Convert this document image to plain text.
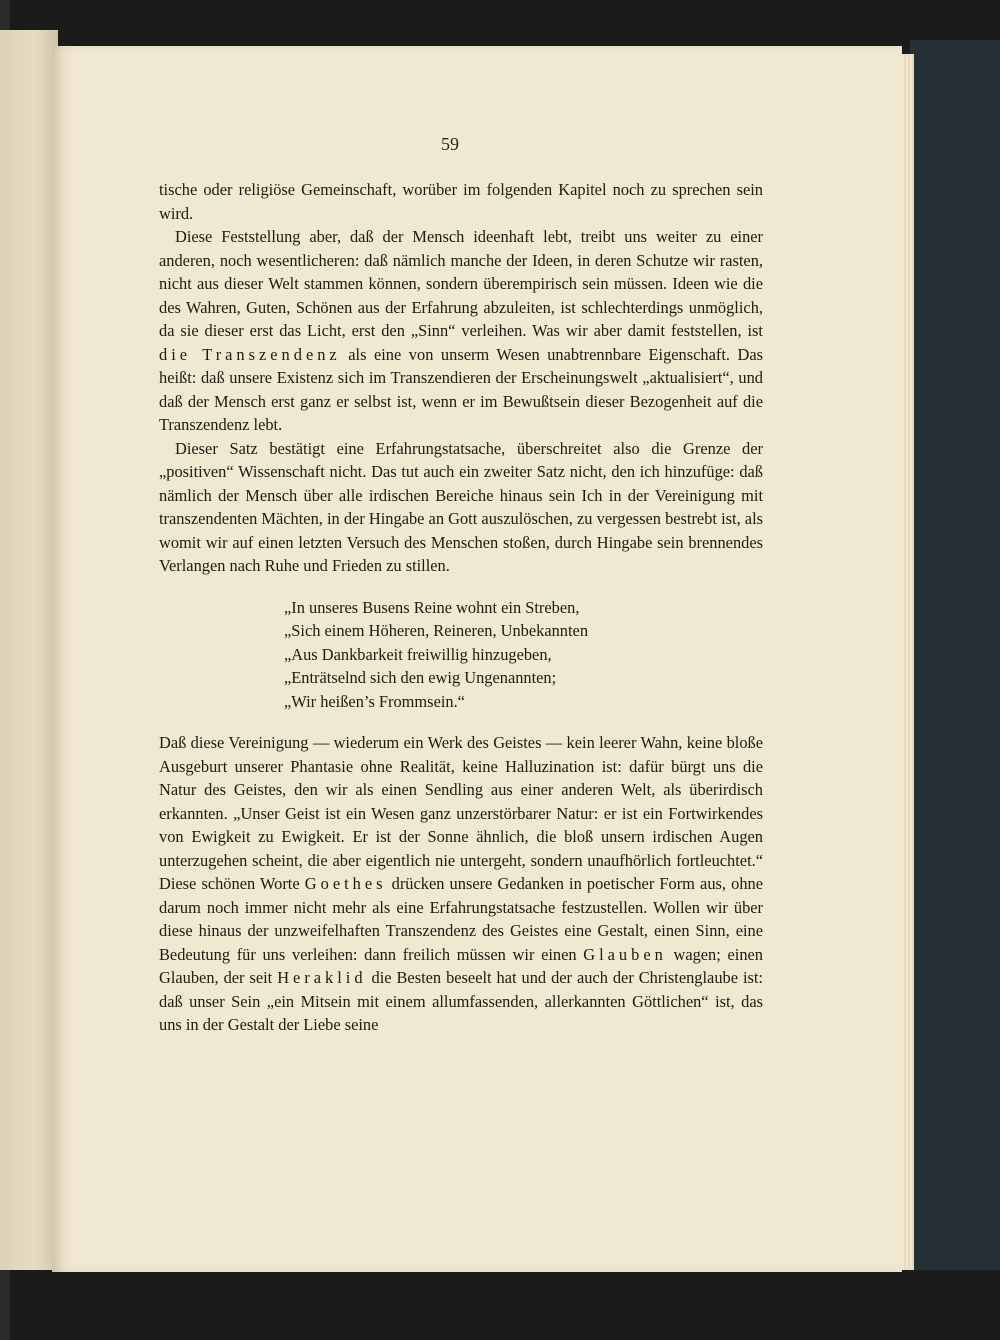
59

tische oder religiöse Gemeinschaft, worüber im folgenden Kapitel noch zu sprechen sein wird.

Diese Feststellung aber, daß der Mensch ideenhaft lebt, treibt uns weiter zu einer anderen, noch wesentlicheren: daß nämlich manche der Ideen, in deren Schutze wir rasten, nicht aus dieser Welt stammen können, sondern überempirisch sein müssen. Ideen wie die des Wahren, Guten, Schönen aus der Erfahrung abzuleiten, ist schlechterdings unmöglich, da sie dieser erst das Licht, erst den „Sinn“ verleihen. Was wir aber damit feststellen, ist die Transzendenz als eine von unserm Wesen unabtrennbare Eigenschaft. Das heißt: daß unsere Existenz sich im Transzendieren der Erscheinungswelt „aktualisiert“, und daß der Mensch erst ganz er selbst ist, wenn er im Bewußtsein dieser Bezogenheit auf die Transzendenz lebt.

Dieser Satz bestätigt eine Erfahrungstatsache, überschreitet also die Grenze der „positiven“ Wissenschaft nicht. Das tut auch ein zweiter Satz nicht, den ich hinzufüge: daß nämlich der Mensch über alle irdischen Bereiche hinaus sein Ich in der Vereinigung mit transzendenten Mächten, in der Hingabe an Gott auszulöschen, zu vergessen bestrebt ist, als womit wir auf einen letzten Versuch des Menschen stoßen, durch Hingabe sein brennendes Verlangen nach Ruhe und Frieden zu stillen.

„In unseres Busens Reine wohnt ein Streben,
„Sich einem Höheren, Reineren, Unbekannten
„Aus Dankbarkeit freiwillig hinzugeben,
„Enträtselnd sich den ewig Ungenannten;
„Wir heißen’s Frommsein.“

Daß diese Vereinigung — wiederum ein Werk des Geistes — kein leerer Wahn, keine bloße Ausgeburt unserer Phantasie ohne Realität, keine Halluzination ist: dafür bürgt uns die Natur des Geistes, den wir als einen Sendling aus einer anderen Welt, als überirdisch erkannten. „Unser Geist ist ein Wesen ganz unzerstörbarer Natur: er ist ein Fortwirkendes von Ewigkeit zu Ewigkeit. Er ist der Sonne ähnlich, die bloß unsern irdischen Augen unterzugehen scheint, die aber eigentlich nie untergeht, sondern unaufhörlich fortleuchtet.“ Diese schönen Worte Goethes drücken unsere Gedanken in poetischer Form aus, ohne darum noch immer nicht mehr als eine Erfahrungstatsache festzustellen. Wollen wir über diese hinaus der unzweifelhaften Transzendenz des Geistes eine Gestalt, einen Sinn, eine Bedeutung für uns verleihen: dann freilich müssen wir einen Glauben wagen; einen Glauben, der seit Heraklid die Besten beseelt hat und der auch der Christenglaube ist: daß unser Sein „ein Mitsein mit einem allumfassenden, allerkannten Göttlichen“ ist, das uns in der Gestalt der Liebe seine
